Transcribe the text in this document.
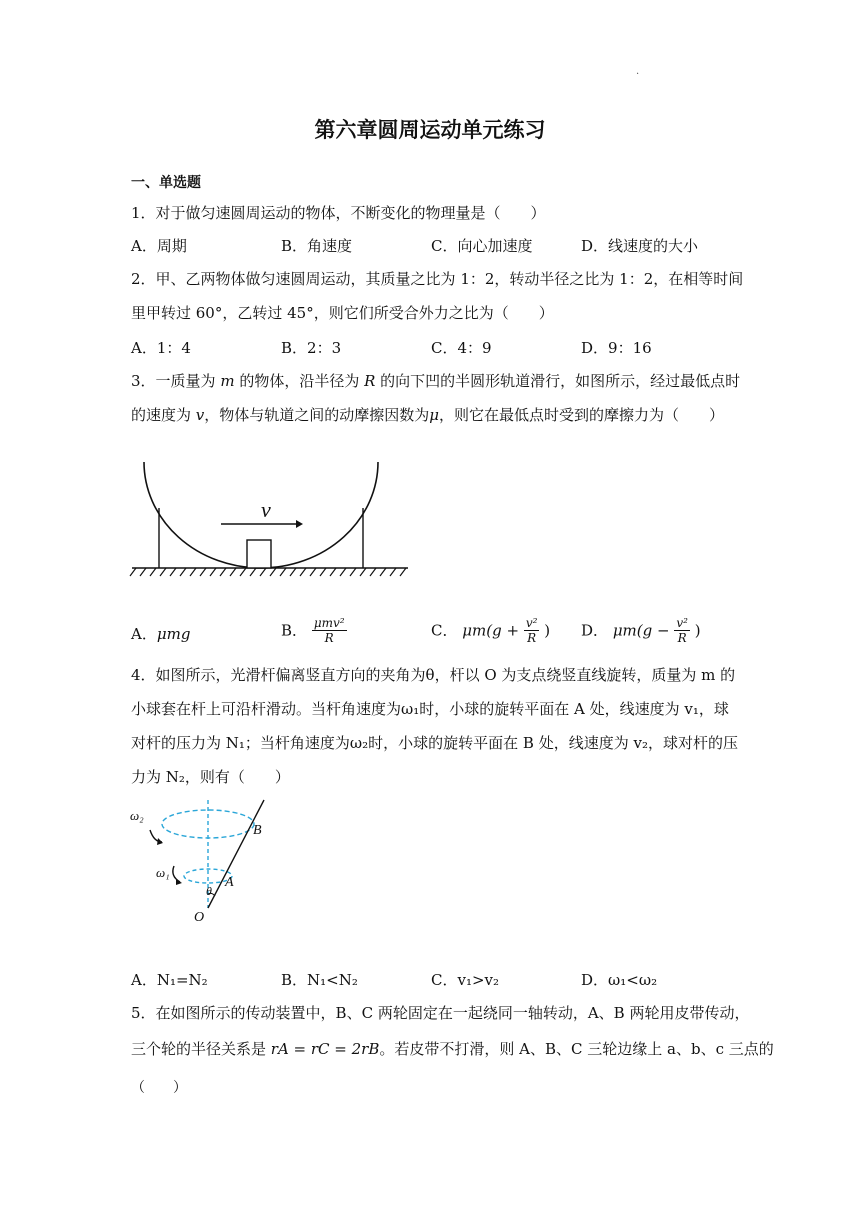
.
第六章圆周运动单元练习
一、单选题
1．对于做匀速圆周运动的物体，不断变化的物理量是（　　）
A．周期	B．角速度	C．向心加速度	D．线速度的大小
2．甲、乙两物体做匀速圆周运动，其质量之比为 1：2，转动半径之比为 1：2，在相等时间
里甲转过 60°，乙转过 45°，则它们所受合外力之比为（　　）
A．1：4	B．2：3	C．4：9	D．9：16
3．一质量为 m 的物体，沿半径为 R 的向下凹的半圆形轨道滑行，如图所示，经过最低点时
的速度为 v，物体与轨道之间的动摩擦因数为μ，则它在最低点时受到的摩擦力为（　　）
v
A．μmg	B． $\frac{\text{μmv²}}{R}$	C． $\mu m(g + \frac{\text{v²}}{R}$ ) D． $\mu m(g - \frac{\text{v²}}{R}$ )
4．如图所示，光滑杆偏离竖直方向的夹角为θ，杆以 O 为支点绕竖直线旋转，质量为 m 的
小球套在杆上可沿杆滑动。当杆角速度为ω₁时，小球的旋转平面在 A 处，线速度为 v₁，球
对杆的压力为 N₁；当杆角速度为ω₂时，小球的旋转平面在 B 处，线速度为 v₂，球对杆的压
力为 N₂，则有（　　）
ω₂
ω₁
B
A
O
θ
A．N₁=N₂	B．N₁<N₂	C．v₁>v₂	D．ω₁<ω₂
5．在如图所示的传动装置中，B、C 两轮固定在一起绕同一轴转动，A、B 两轮用皮带传动，
三个轮的半径关系是 rA = rC = 2rB。若皮带不打滑，则 A、B、C 三轮边缘上 a、b、c 三点的
（　　）
